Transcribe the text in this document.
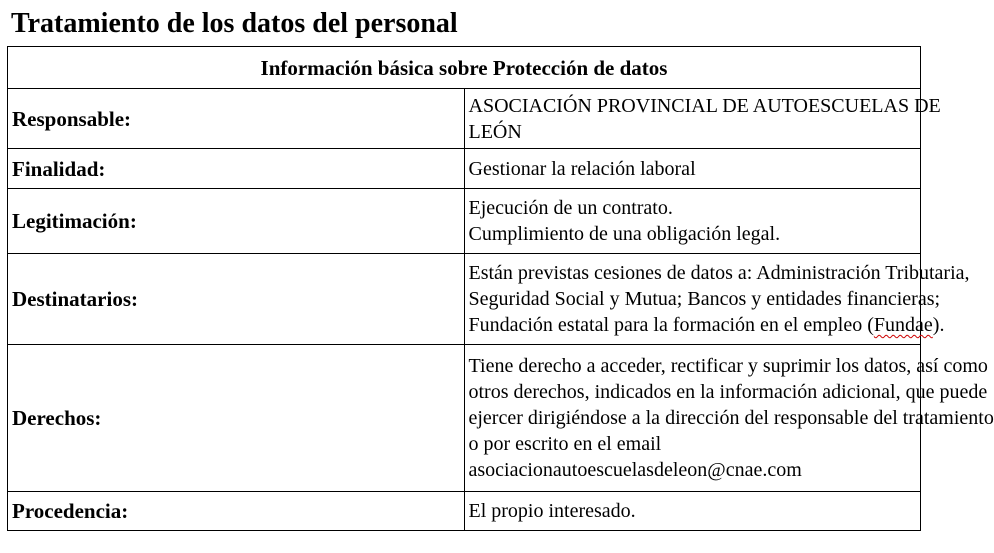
Tratamiento de los datos del personal
Información básica sobre Protección de datos	
Responsable:	ASOCIACIÓN PROVINCIAL DE AUTOESCUELAS DE
LEÓN

Finalidad:	Gestionar la relación laboral

Legitimación:	Ejecución de un contrato.
Cumplimiento de una obligación legal.

Destinatarios:	Están previstas cesiones de datos a: Administración Tributaria,
Seguridad Social y Mutua; Bancos y entidades financieras;
Fundación estatal para la formación en el empleo (Fundae).

Derechos:	Tiene derecho a acceder, rectificar y suprimir los datos, así como
otros derechos, indicados en la información adicional, que puede
ejercer dirigiéndose a la dirección del responsable del tratamiento
o por escrito en el email
asociacionautoescuelasdeleon@cnae.com

Procedencia:	El propio interesado.
